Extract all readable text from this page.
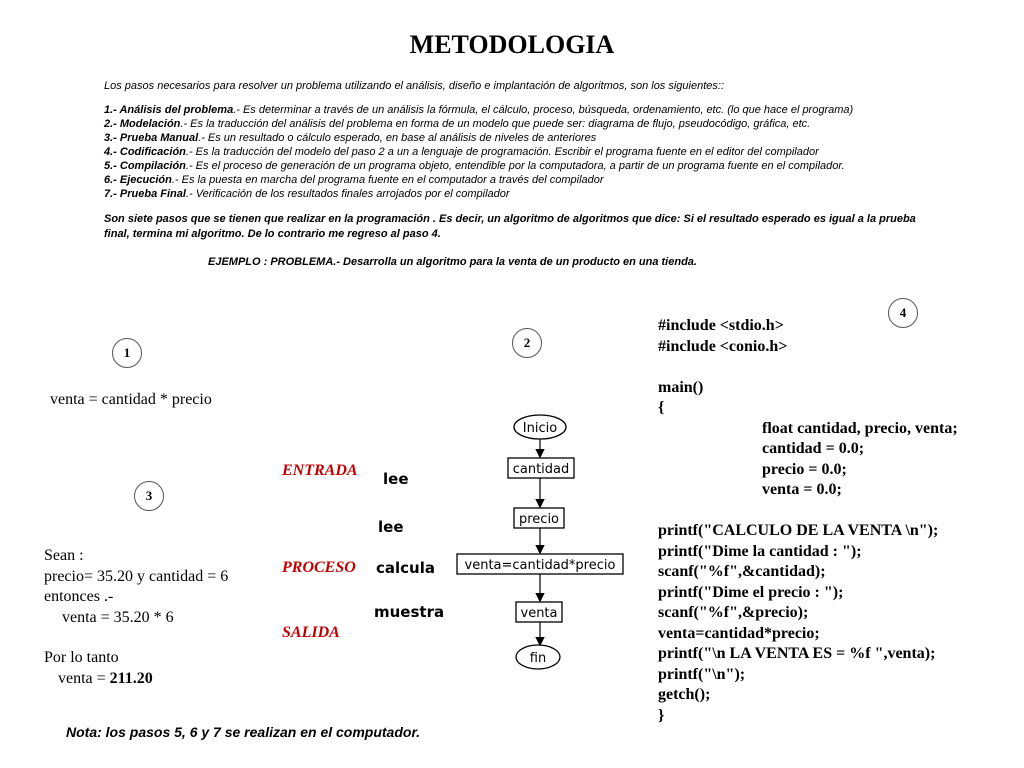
METODOLOGIA
Los pasos necesarios para resolver un problema utilizando el análisis, diseño e implantación de algoritmos, son los siguientes::
1.- Análisis del problema.- Es determinar a través de un análisis la fórmula, el cálculo, proceso, búsqueda, ordenamiento, etc. (lo que hace el programa)
2.- Modelación.- Es la traducción del análisis del problema en forma de un modelo que puede ser: diagrama de flujo, pseudocódigo, gráfica, etc.
3.- Prueba Manual.- Es un resultado o cálculo esperado, en base al análisis de niveles de anteriores
4.- Codificación.- Es la traducción del modelo del paso 2 a un a lenguaje de programación. Escribir el programa fuente en el editor del compilador
5.- Compilación.- Es el proceso de generación de un programa objeto, entendible por la computadora, a partir de un programa fuente en el compilador.
6.- Ejecución.- Es la puesta en marcha del programa fuente en el computador a través del compilador
7.- Prueba Final.- Verificación de los resultados finales arrojados por el compilador
Son siete pasos que se tienen que realizar en la programación . Es decir, un algoritmo de algoritmos que dice: Si el resultado esperado es igual a la prueba final, termina mi algoritmo. De lo contrario me regreso al paso 4.
EJEMPLO : PROBLEMA.- Desarrolla un algoritmo para la venta de un producto en una tienda.
1
2
3
4
venta = cantidad * precio
Sean :
precio= 35.20 y cantidad = 6
entonces .-
venta = 35.20 * 6
Por lo tanto
venta = 211.20
ENTRADA
PROCESO
SALIDA
lee
lee
calcula
muestra
Inicio
cantidad
precio
venta=cantidad*precio
venta
fin
#include <stdio.h>
#include <conio.h>
main()
{
float cantidad, precio, venta;
cantidad = 0.0;
precio = 0.0;
venta = 0.0;
printf("CALCULO DE LA VENTA \n");
printf("Dime la cantidad : ");
scanf("%f",&cantidad);
printf("Dime el precio : ");
scanf("%f",&precio);
venta=cantidad*precio;
printf("\n LA VENTA ES = %f ",venta);
printf("\n");
getch();
}
Nota: los pasos 5, 6 y 7 se realizan en el computador.
